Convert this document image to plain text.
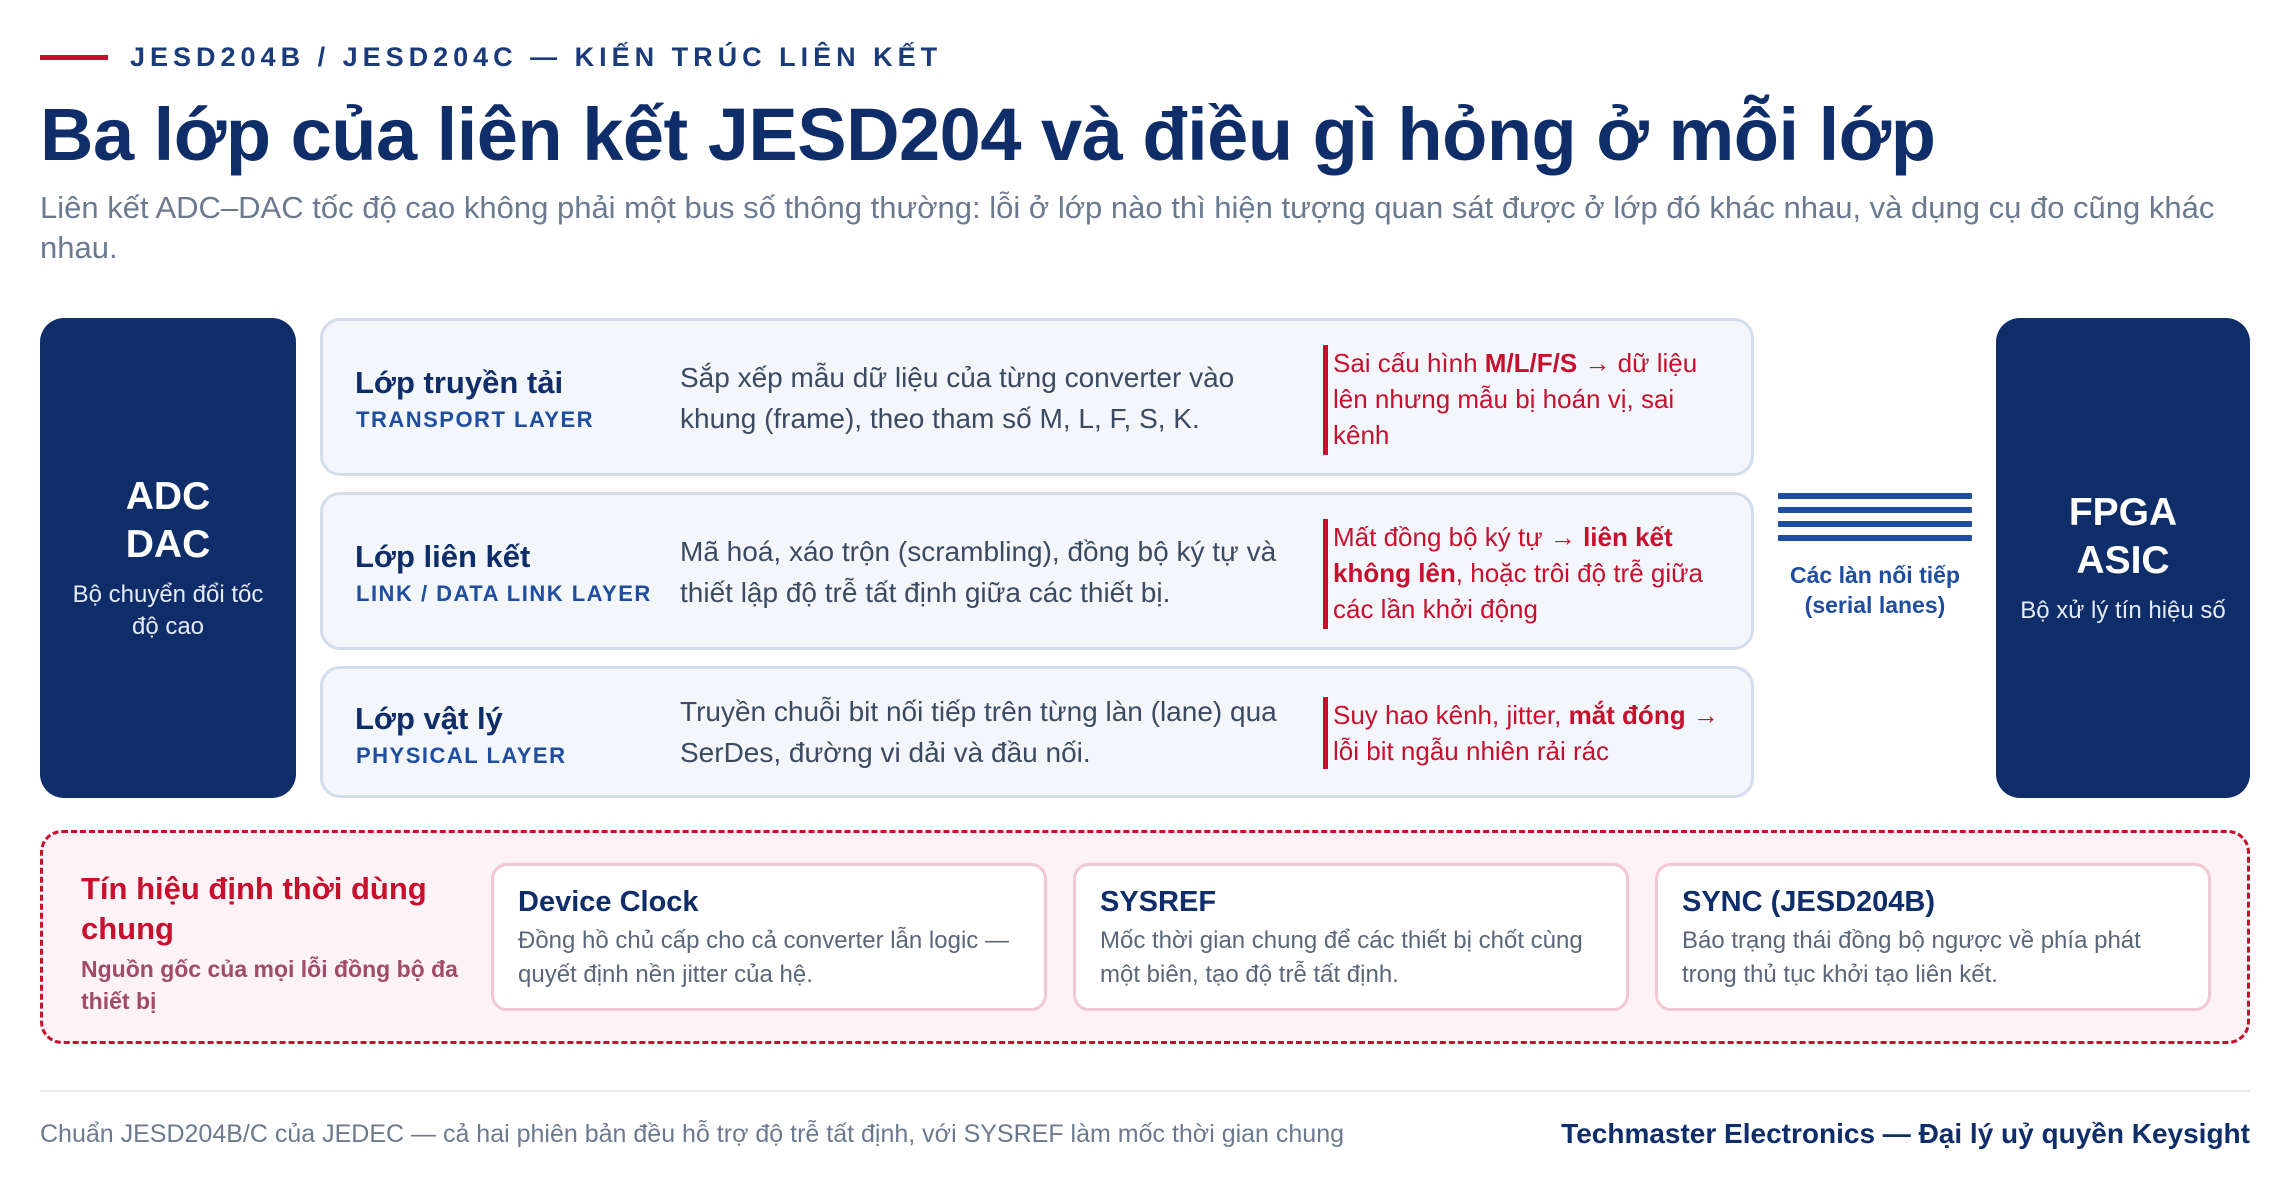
JESD204B / JESD204C — KIẾN TRÚC LIÊN KẾT
Ba lớp của liên kết JESD204 và điều gì hỏng ở mỗi lớp
Liên kết ADC–DAC tốc độ cao không phải một bus số thông thường: lỗi ở lớp nào thì hiện tượng quan sát được ở lớp đó khác nhau, và dụng cụ đo cũng khác nhau.
ADC
DAC
Bộ chuyển đổi tốc độ cao
Lớp truyền tải
TRANSPORT LAYER
Sắp xếp mẫu dữ liệu của từng converter vào khung (frame), theo tham số M, L, F, S, K.
Sai cấu hình M/L/F/S → dữ liệu lên nhưng mẫu bị hoán vị, sai kênh
Lớp liên kết
LINK / DATA LINK LAYER
Mã hoá, xáo trộn (scrambling), đồng bộ ký tự và thiết lập độ trễ tất định giữa các thiết bị.
Mất đồng bộ ký tự → liên kết không lên, hoặc trôi độ trễ giữa các lần khởi động
Lớp vật lý
PHYSICAL LAYER
Truyền chuỗi bit nối tiếp trên từng làn (lane) qua SerDes, đường vi dải và đầu nối.
Suy hao kênh, jitter, mắt đóng → lỗi bit ngẫu nhiên rải rác
Các làn nối tiếp (serial lanes)
FPGA
ASIC
Bộ xử lý tín hiệu số
Tín hiệu định thời dùng chung
Nguồn gốc của mọi lỗi đồng bộ đa thiết bị
Device Clock
Đồng hồ chủ cấp cho cả converter lẫn logic — quyết định nền jitter của hệ.
SYSREF
Mốc thời gian chung để các thiết bị chốt cùng một biên, tạo độ trễ tất định.
SYNC (JESD204B)
Báo trạng thái đồng bộ ngược về phía phát trong thủ tục khởi tạo liên kết.
Chuẩn JESD204B/C của JEDEC — cả hai phiên bản đều hỗ trợ độ trễ tất định, với SYSREF làm mốc thời gian chung	Techmaster Electronics — Đại lý uỷ quyền Keysight
